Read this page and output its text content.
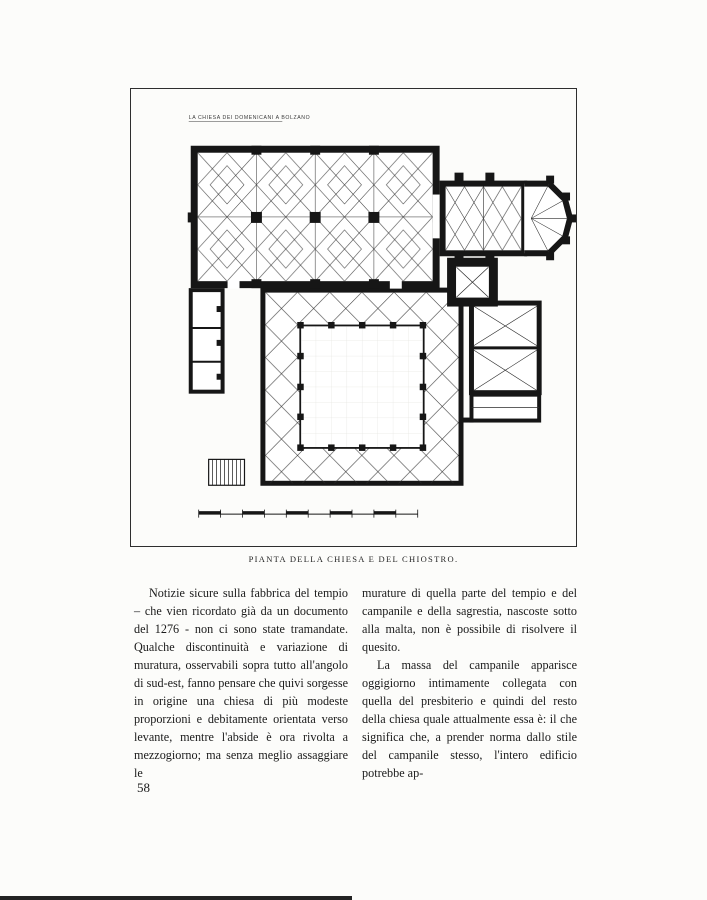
LA CHIESA DEI DOMENICANI A BOLZANO
PIANTA DELLA CHIESA E DEL CHIOSTRO.

Notizie sicure sulla fabbrica del tempio – che vien ricordato già da un documento del 1276 - non ci sono state tramandate. Qualche discontinuità e variazione di muratura, osservabili sopra tutto all'angolo di sud-est, fanno pensare che quivi sorgesse in origine una chiesa di più modeste proporzioni e debitamente orientata verso levante, mentre l'abside è ora rivolta a mezzogiorno; ma senza meglio assaggiare le

murature di quella parte del tempio e del campanile e della sagrestia, nascoste sotto alla malta, non è possibile di risolvere il quesito.

La massa del campanile apparisce oggigiorno intimamente collegata con quella del presbiterio e quindi del resto della chiesa quale attualmente essa è: il che significa che, a prender norma dallo stile del campanile stesso, l'intero edificio potrebbe ap-

58
